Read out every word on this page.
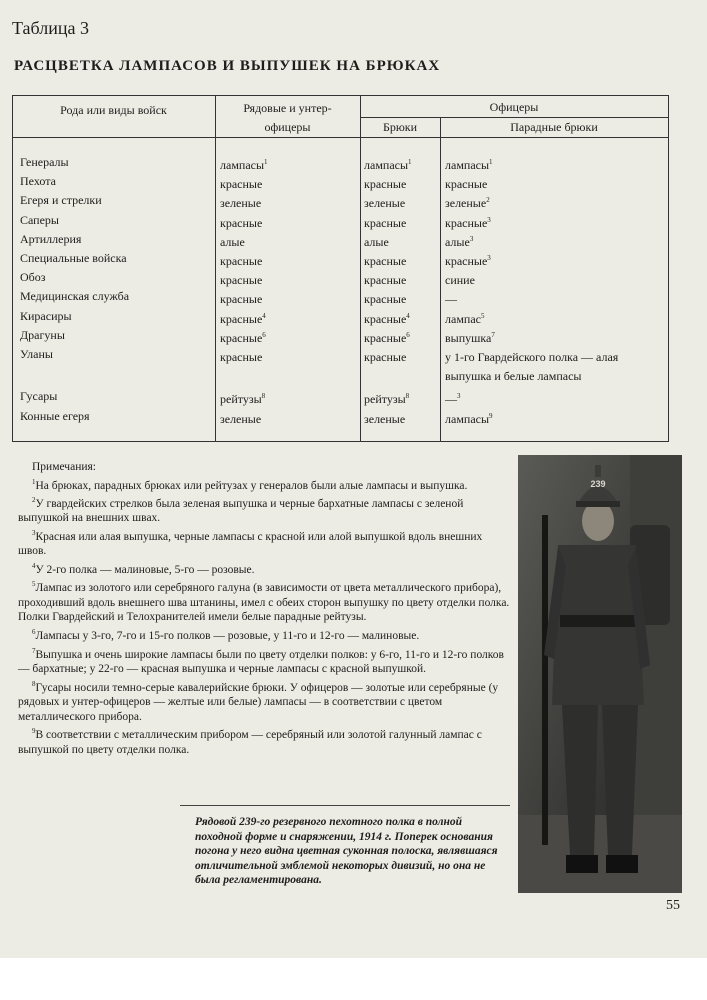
Таблица 3
РАСЦВЕТКА ЛАМПАСОВ И ВЫПУШЕК НА БРЮКАХ
Рода или виды войск	Рядовые и унтер-
офицеры
Офицеры
Брюки	Парадные брюки
Генералы	лампасы$^1$	лампасы$^1$	лампасы$^1$
Пехота	красные	красные	красные
Егеря и стрелки	зеленые	зеленые	зеленые$^2$
Саперы	красные	красные	красные$^3$
Артиллерия	алые	алые	алые$^3$
Специальные войска	красные	красные	красные$^3$
Обоз	красные	красные	синие
Медицинская служба	красные	красные	—
Кирасиры	красные$^4$	красные$^4$	лампас$^5$
Драгуны	красные$^6$	красные$^6$	выпушка$^7$
Уланы	красные	красные	у 1-го Гвардейского полка — алая
выпушка и белые лампасы
Гусары	рейтузы$^8$	рейтузы$^8$	—$^3$
Конные егеря	зеленые	зеленые	лампасы$^9$

Примечания:

$^1$На брюках, парадных брюках или рейтузах у генералов были алые лампасы и выпушка.

$^2$У гвардейских стрелков была зеленая выпушка и черные бархатные лампасы с зеленой выпушкой на внешних швах.

$^3$Красная или алая выпушка, черные лампасы с красной или алой выпушкой вдоль внешних швов.

$^4$У 2-го полка — малиновые, 5-го — розовые.

$^5$Лампас из золотого или серебряного галуна (в зависимости от цвета металлического прибора), проходивший вдоль внешнего шва штанины, имел с обеих сторон выпушку по цвету отделки полка. Полки Гвардейский и Телохранителей имели белые парадные рейтузы.

$^6$Лампасы у 3-го, 7-го и 15-го полков — розовые, у 11-го и 12-го — малиновые.

$^7$Выпушка и очень широкие лампасы были по цвету отделки полков: у 6-го, 11-го и 12-го полков — бархатные; у 22-го — красная выпушка и черные лампасы с красной выпушкой.

$^8$Гусары носили темно-серые кавалерийские брюки. У офицеров — золотые или серебряные (у рядовых и унтер-офицеров — желтые или белые) лампасы — в соответствии с цветом металлического прибора.

$^9$В соответствии с металлическим прибором — серебряный или золотой галунный лампас с выпушкой по цвету отделки полка.

239
Рядовой 239-го резервного пехотного полка в полной походной форме и снаряжении, 1914 г. Поперек основания погона у него видна цветная суконная полоска, являвшаяся отличительной эмблемой некоторых дивизий, но она не была регламентирована.
55
